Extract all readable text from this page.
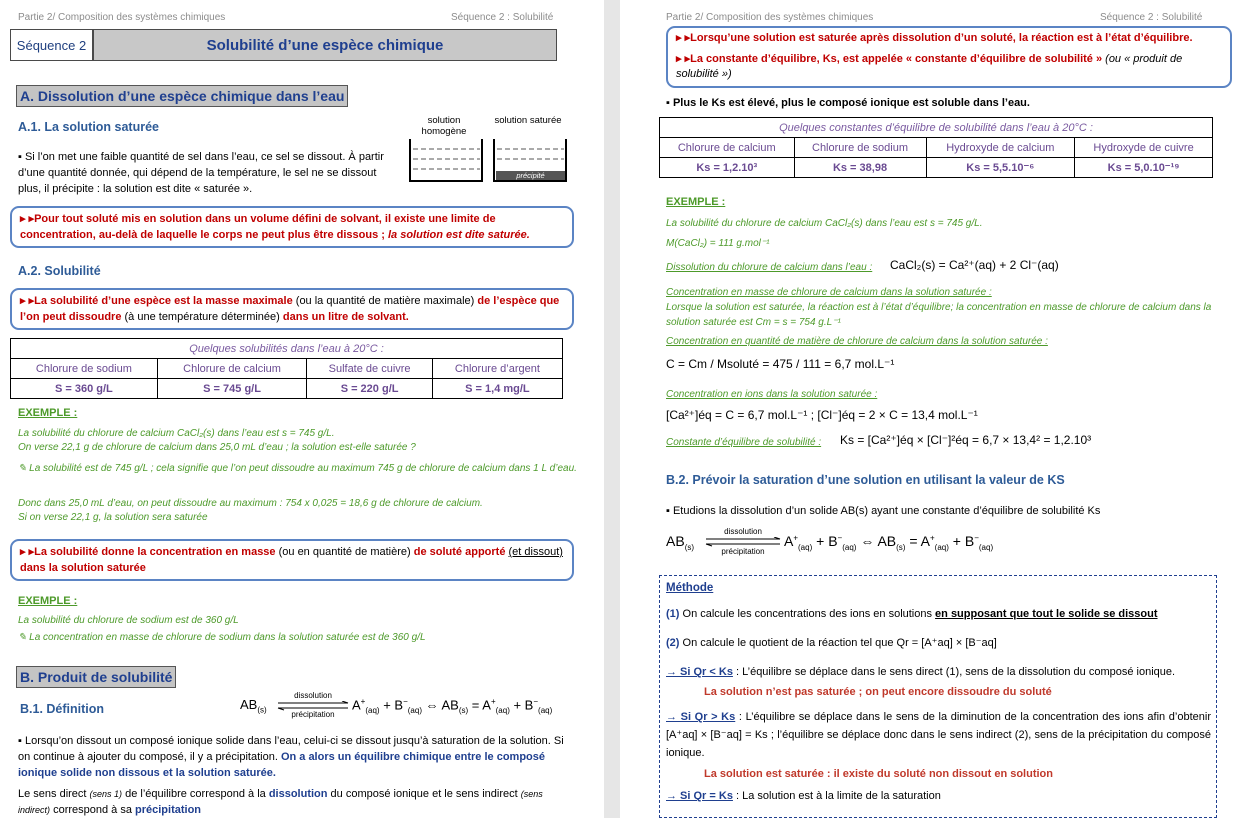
Partie 2/ Composition des systèmes chimiques	Séquence 2 : Solubilité
Séquence 2	Solubilité d’une espèce chimique
A. Dissolution d’une espèce chimique dans l’eau
A.1. La solution saturée
▪ Si l’on met une faible quantité de sel dans l’eau, ce sel se dissout. À partir d’une quantité donnée, qui dépend de la température, le sel ne se dissout plus, il précipite : la solution est dite « saturée ».
solution homogène
solution saturée
précipité
▸ ▸Pour tout soluté mis en solution dans un volume défini de solvant, il existe une limite de concentration, au-delà de laquelle le corps ne peut plus être dissous ; la solution est dite saturée.
A.2. Solubilité
▸ ▸La solubilité d’une espèce est la masse maximale (ou la quantité de matière maximale) de l’espèce que l’on peut dissoudre (à une température déterminée) dans un litre de solvant.
Quelques solubilités dans l’eau à 20°C :			
Chlorure de sodium	Chlorure de calcium	Sulfate de cuivre	Chlorure d’argent
S = 360 g/L	S = 745 g/L	S = 220 g/L	S = 1,4 mg/L
EXEMPLE :
La solubilité du chlorure de calcium CaCl₂(s) dans l’eau est s = 745 g/L.
On verse 22,1 g de chlorure de calcium dans 25,0 mL d’eau ; la solution est-elle saturée ?
✎ La solubilité est de 745 g/L ; cela signifie que l’on peut dissoudre au maximum 745 g de chlorure de calcium dans 1 L d’eau.
Donc dans 25,0 mL d’eau, on peut dissoudre au maximum : 754 x 0,025 = 18,6 g de chlorure de calcium.
Si on verse 22,1 g, la solution sera saturée
▸ ▸La solubilité donne la concentration en masse (ou en quantité de matière) de soluté apporté (et dissout) dans la solution saturée
EXEMPLE :
La solubilité du chlorure de sodium est de 360 g/L
✎ La concentration en masse de chlorure de sodium dans la solution saturée est de 360 g/L
B. Produit de solubilité
B.1. Définition	$AB_{(s)}$
dissolution
précipitation
$A^+_{(aq)} + B^-_{(aq)}$ ⇔ $AB_{(s)} = A^+_{(aq)} + B^-_{(aq)}$
▪ Lorsqu’on dissout un composé ionique solide dans l’eau, celui-ci se dissout jusqu’à saturation de la solution. Si on continue à ajouter du composé, il y a précipitation. On a alors un équilibre chimique entre le composé ionique solide non dissous et la solution saturée.
Le sens direct (sens 1) de l’équilibre correspond à la dissolution du composé ionique et le sens indirect (sens indirect) correspond à sa précipitation
Partie 2/ Composition des systèmes chimiques	Séquence 2 : Solubilité
▸ ▸Lorsqu’une solution est saturée après dissolution d’un soluté, la réaction est à l’état d’équilibre.
▸ ▸La constante d’équilibre, Ks, est appelée « constante d’équilibre de solubilité » (ou « produit de solubilité »)
▪ Plus le Ks est élevé, plus le composé ionique est soluble dans l’eau.
Quelques constantes d’équilibre de solubilité dans l’eau à 20°C :			
Chlorure de calcium	Chlorure de sodium	Hydroxyde de calcium	Hydroxyde de cuivre
Ks = 1,2.10³	Ks = 38,98	Ks = 5,5.10⁻⁶	Ks = 5,0.10⁻¹⁹
EXEMPLE :
La solubilité du chlorure de calcium CaCl₂(s) dans l’eau est s = 745 g/L.
M(CaCl₂) = 111 g.mol⁻¹
Dissolution du chlorure de calcium dans l’eau : CaCl₂(s) = Ca²⁺(aq) + 2 Cl⁻(aq)
Concentration en masse de chlorure de calcium dans la solution saturée :
Lorsque la solution est saturée, la réaction est à l’état d’équilibre; la concentration en masse de chlorure de calcium dans la solution saturée est Cm = s = 754 g.L⁻¹
Concentration en quantité de matière de chlorure de calcium dans la solution saturée :
C = Cm / Msoluté = 475 / 111 = 6,7 mol.L⁻¹
Concentration en ions dans la solution saturée :
[Ca²⁺]éq = C = 6,7 mol.L⁻¹ ; [Cl⁻]éq = 2 × C = 13,4 mol.L⁻¹
Constante d’équilibre de solubilité : Ks = [Ca²⁺]éq × [Cl⁻]²éq = 6,7 × 13,4² = 1,2.10³
B.2. Prévoir la saturation d’une solution en utilisant la valeur de KS
▪ Etudions la dissolution d’un solide AB(s) ayant une constante d’équilibre de solubilité Ks
$AB_{(s)}$
dissolution
précipitation
$A^+_{(aq)} + B^-_{(aq)}$ ⇔ $AB_{(s)} = A^+_{(aq)} + B^-_{(aq)}$
Méthode
(1) On calcule les concentrations des ions en solutions en supposant que tout le solide se dissout
(2) On calcule le quotient de la réaction tel que Qr = [A⁺aq] × [B⁻aq]
→ Si Qr < Ks : L’équilibre se déplace dans le sens direct (1), sens de la dissolution du composé ionique.
La solution n’est pas saturée ; on peut encore dissoudre du soluté
→ Si Qr > Ks : L’équilibre se déplace dans le sens de la diminution de la concentration des ions afin d’obtenir [A⁺aq] × [B⁻aq] = Ks ; l’équilibre se déplace donc dans le sens indirect (2), sens de la précipitation du composé ionique.
La solution est saturée : il existe du soluté non dissout en solution
→ Si Qr = Ks : La solution est à la limite de la saturation
